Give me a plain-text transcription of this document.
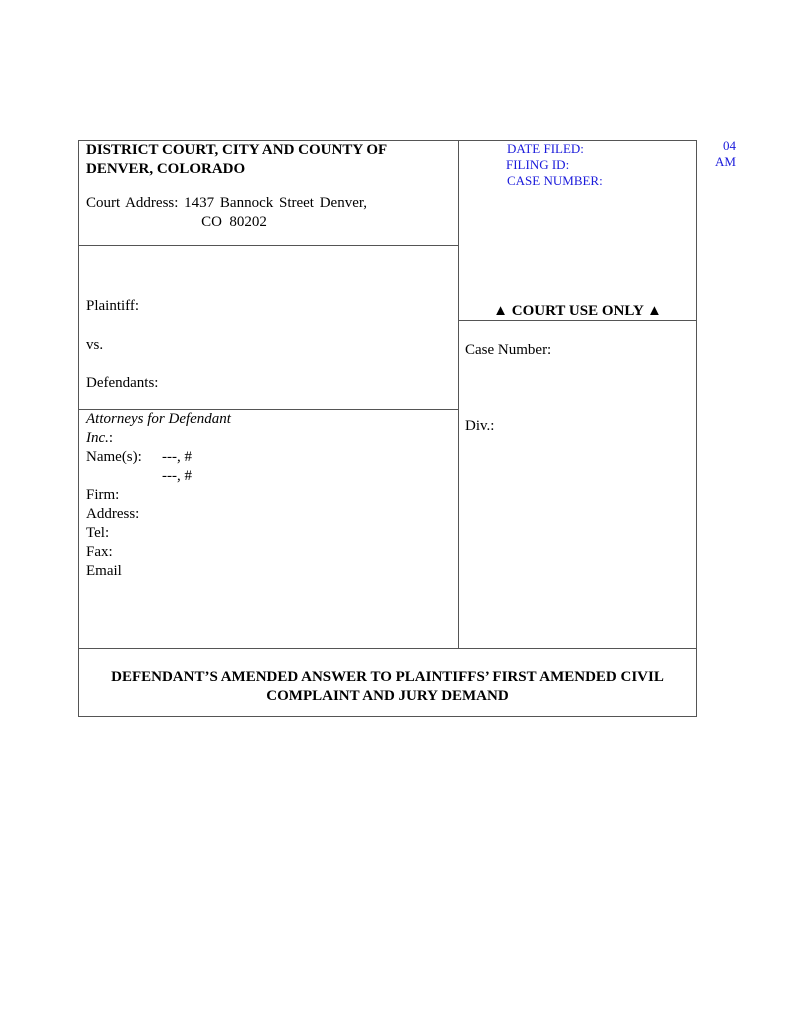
04
AM
DATE FILED:
FILING ID:
CASE NUMBER:
DISTRICT COURT, CITY AND COUNTY OF
DENVER, COLORADO
Court Address: 1437 Bannock Street Denver,
CO  80202
Plaintiff:
vs.
Defendants:
Attorneys for Defendant
Inc.:
Name(s): ---, #
---, #
Firm:
Address:
Tel:
Fax:
Email
▲ COURT USE ONLY ▲
Case Number:
Div.:
DEFENDANT’S AMENDED ANSWER TO PLAINTIFFS’ FIRST AMENDED CIVIL
COMPLAINT AND JURY DEMAND
